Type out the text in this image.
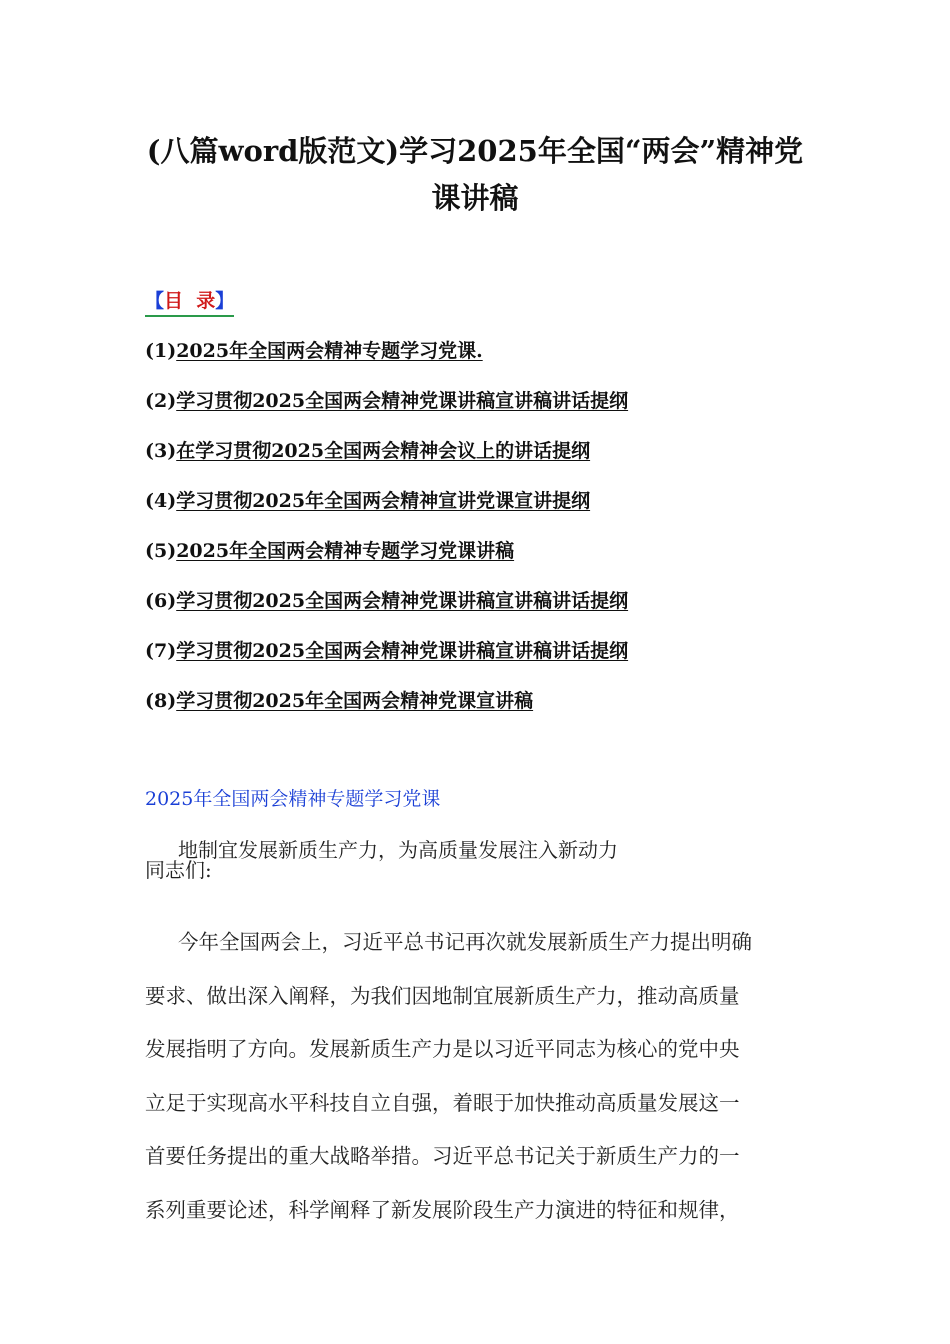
(八篇word版范文)学习2025年全国“两会”精神党
课讲稿
【目  录】
(1)2025年全国两会精神专题学习党课.
(2)学习贯彻2025全国两会精神党课讲稿宣讲稿讲话提纲
(3)在学习贯彻2025全国两会精神会议上的讲话提纲
(4)学习贯彻2025年全国两会精神宣讲党课宣讲提纲
(5)2025年全国两会精神专题学习党课讲稿
(6)学习贯彻2025全国两会精神党课讲稿宣讲稿讲话提纲
(7)学习贯彻2025全国两会精神党课讲稿宣讲稿讲话提纲
(8)学习贯彻2025年全国两会精神党课宣讲稿
2025年全国两会精神专题学习党课
地制宜发展新质生产力，为高质量发展注入新动力
同志们:
今年全国两会上，习近平总书记再次就发展新质生产力提出明确
要求、做出深入阐释，为我们因地制宜展新质生产力，推动高质量
发展指明了方向。发展新质生产力是以习近平同志为核心的党中央
立足于实现高水平科技自立自强，着眼于加快推动高质量发展这一
首要任务提出的重大战略举措。习近平总书记关于新质生产力的一
系列重要论述，科学阐释了新发展阶段生产力演进的特征和规律，
